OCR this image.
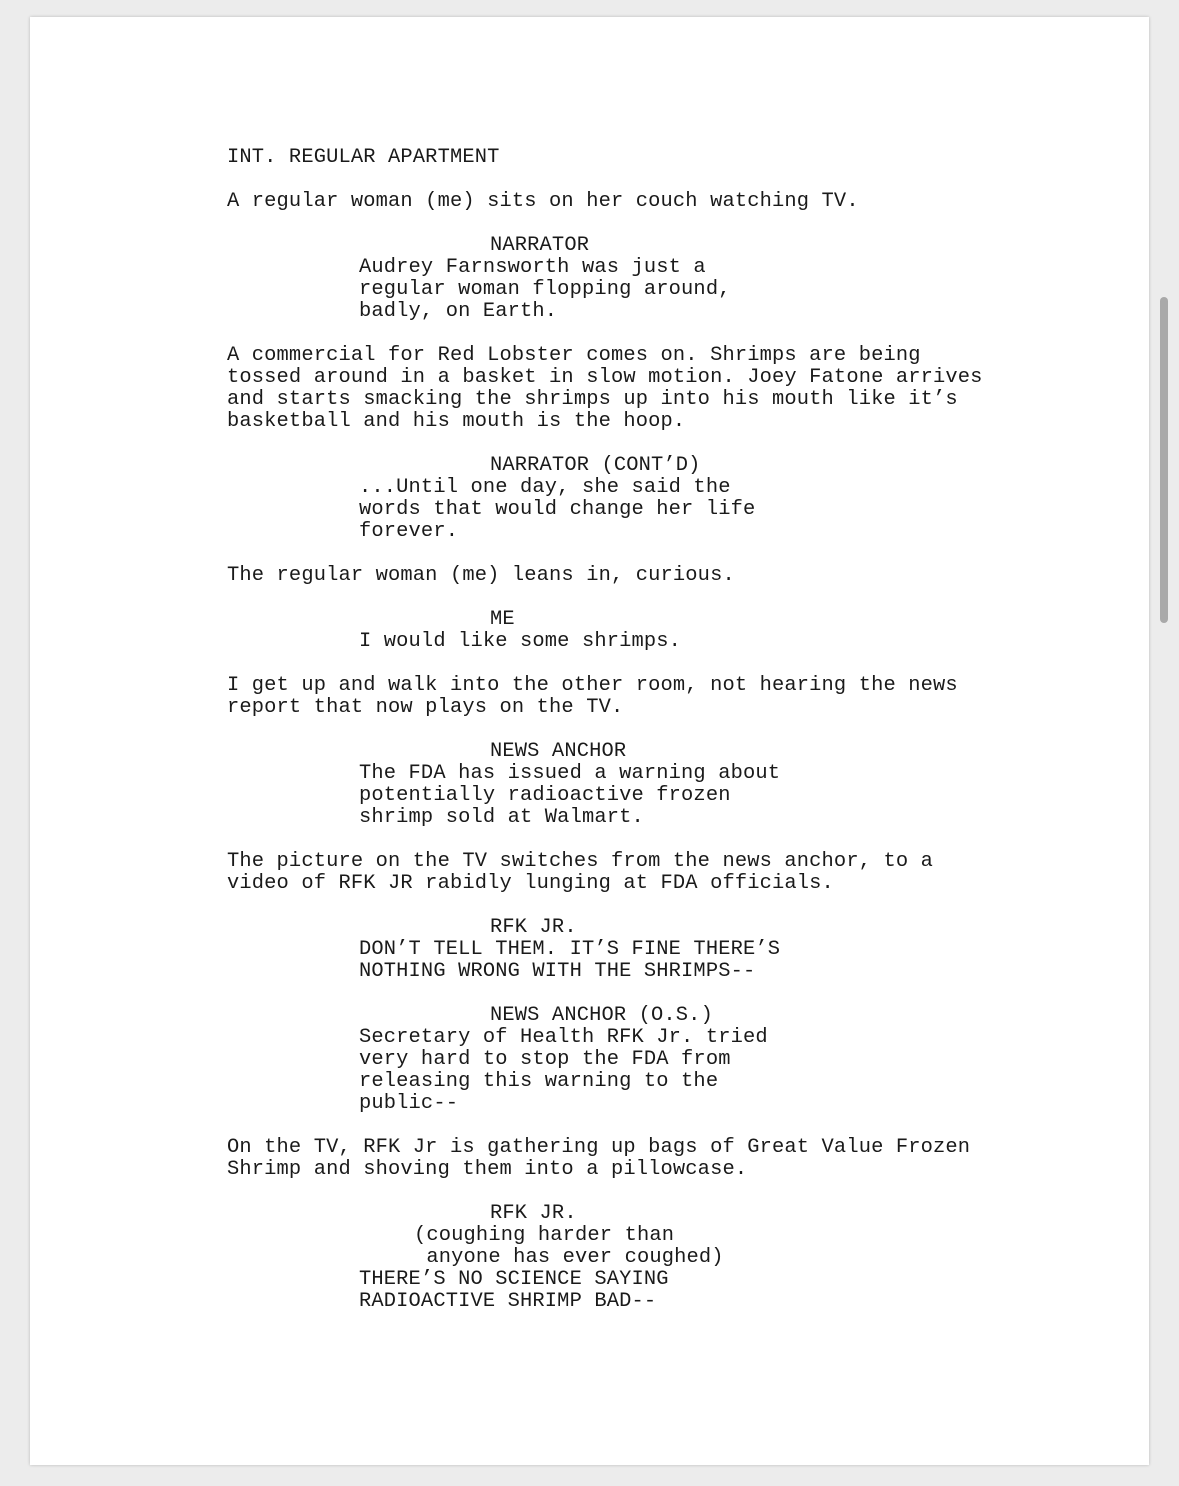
INT. REGULAR APARTMENT
A regular woman (me) sits on her couch watching TV.
NARRATOR
Audrey Farnsworth was just a
regular woman flopping around,
badly, on Earth.
A commercial for Red Lobster comes on. Shrimps are being
tossed around in a basket in slow motion. Joey Fatone arrives
and starts smacking the shrimps up into his mouth like it’s
basketball and his mouth is the hoop.
NARRATOR (CONT’D)
...Until one day, she said the
words that would change her life
forever.
The regular woman (me) leans in, curious.
ME
I would like some shrimps.
I get up and walk into the other room, not hearing the news
report that now plays on the TV.
NEWS ANCHOR
The FDA has issued a warning about
potentially radioactive frozen
shrimp sold at Walmart.
The picture on the TV switches from the news anchor, to a
video of RFK JR rabidly lunging at FDA officials.
RFK JR.
DON’T TELL THEM. IT’S FINE THERE’S
NOTHING WRONG WITH THE SHRIMPS--
NEWS ANCHOR (O.S.)
Secretary of Health RFK Jr. tried
very hard to stop the FDA from
releasing this warning to the
public--
On the TV, RFK Jr is gathering up bags of Great Value Frozen
Shrimp and shoving them into a pillowcase.
RFK JR.
(coughing harder than
anyone has ever coughed)
THERE’S NO SCIENCE SAYING
RADIOACTIVE SHRIMP BAD--
